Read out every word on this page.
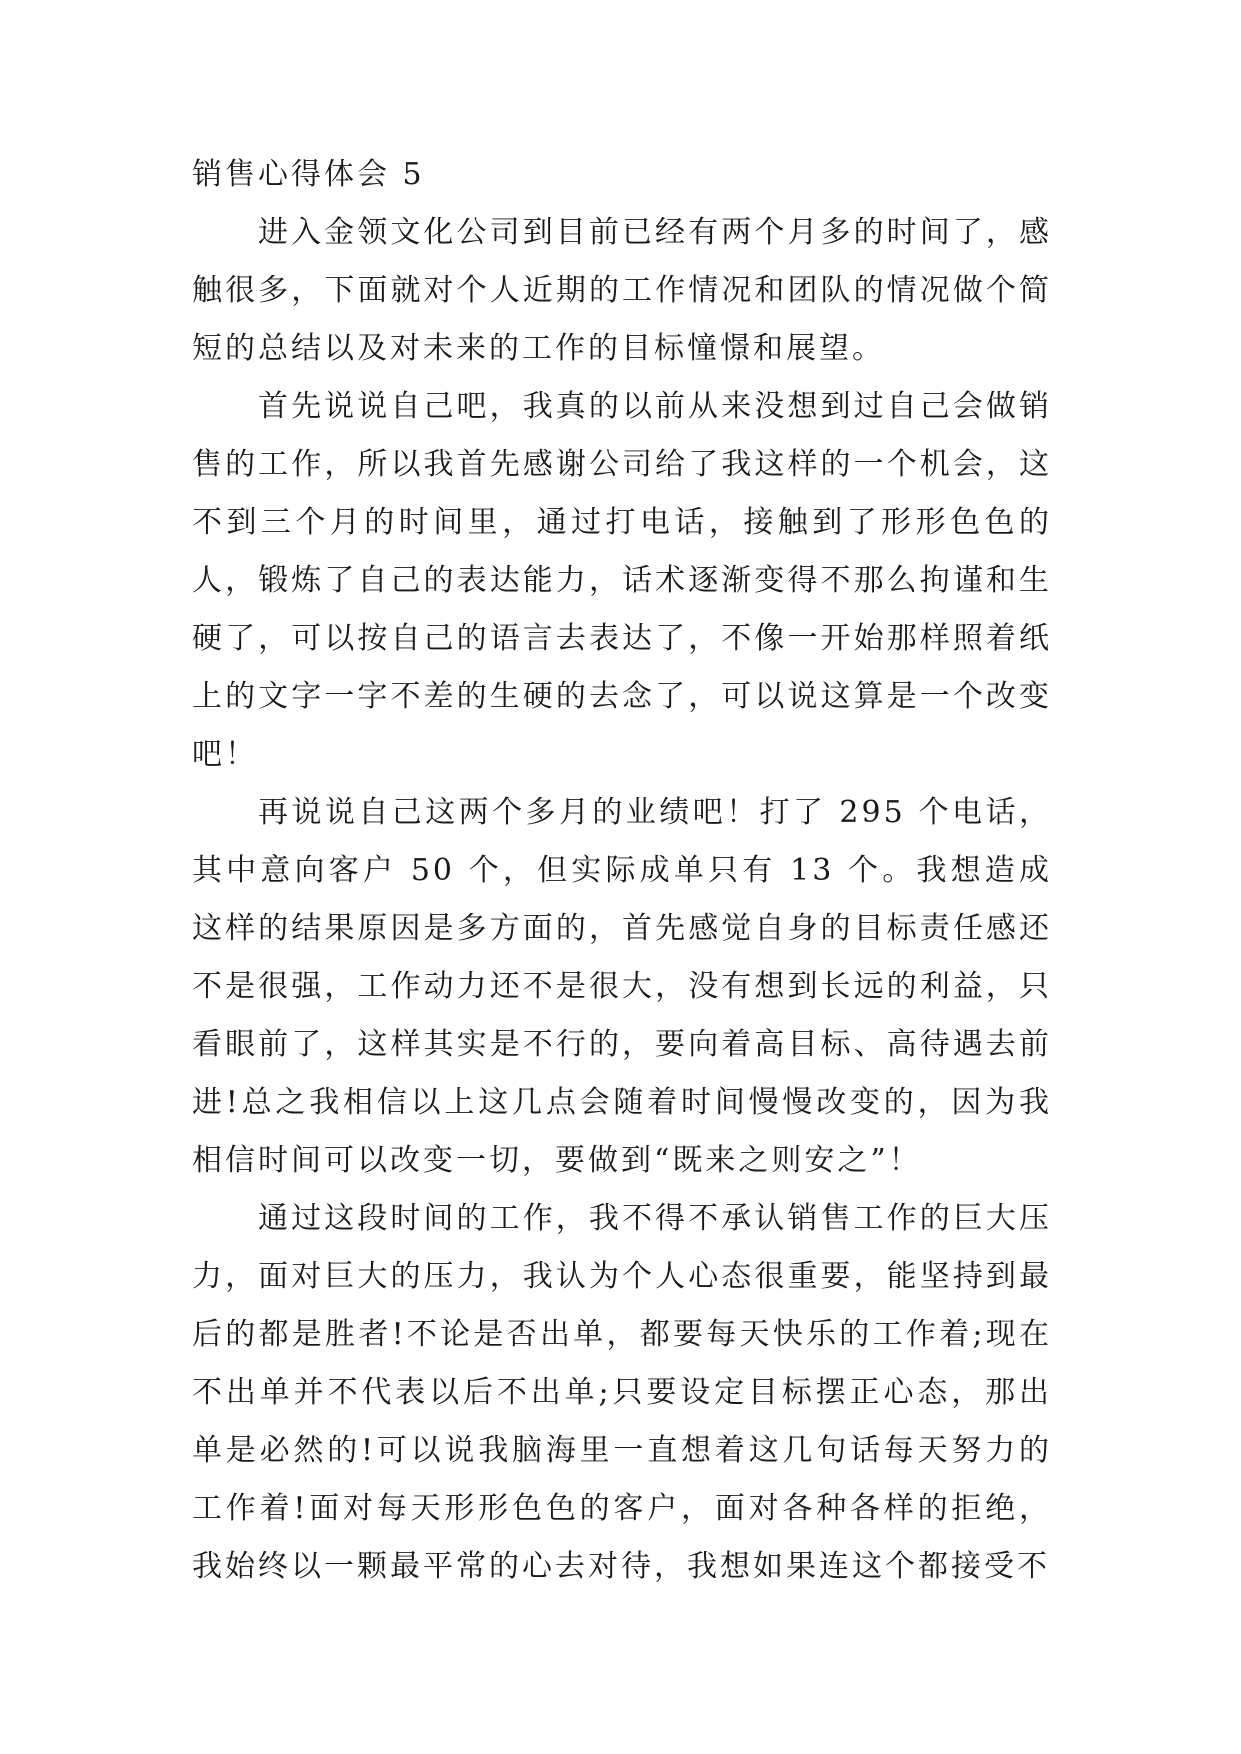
销售心得体会 5

进入金领文化公司到目前已经有两个月多的时间了，感触很多，下面就对个人近期的工作情况和团队的情况做个简短的总结以及对未来的工作的目标憧憬和展望。

首先说说自己吧，我真的以前从来没想到过自己会做销售的工作，所以我首先感谢公司给了我这样的一个机会，这不到三个月的时间里，通过打电话，接触到了形形色色的人，锻炼了自己的表达能力，话术逐渐变得不那么拘谨和生硬了，可以按自己的语言去表达了，不像一开始那样照着纸上的文字一字不差的生硬的去念了，可以说这算是一个改变吧！

再说说自己这两个多月的业绩吧！打了 295 个电话，其中意向客户 50 个，但实际成单只有 13 个。我想造成这样的结果原因是多方面的，首先感觉自身的目标责任感还不是很强，工作动力还不是很大，没有想到长远的利益，只看眼前了，这样其实是不行的，要向着高目标、高待遇去前进!总之我相信以上这几点会随着时间慢慢改变的，因为我相信时间可以改变一切，要做到“既来之则安之”！

通过这段时间的工作，我不得不承认销售工作的巨大压力，面对巨大的压力，我认为个人心态很重要，能坚持到最后的都是胜者!不论是否出单，都要每天快乐的工作着;现在不出单并不代表以后不出单;只要设定目标摆正心态，那出单是必然的!可以说我脑海里一直想着这几句话每天努力的工作着!面对每天形形色色的客户，面对各种各样的拒绝，我始终以一颗最平常的心去对待，我想如果连这个都接受不
